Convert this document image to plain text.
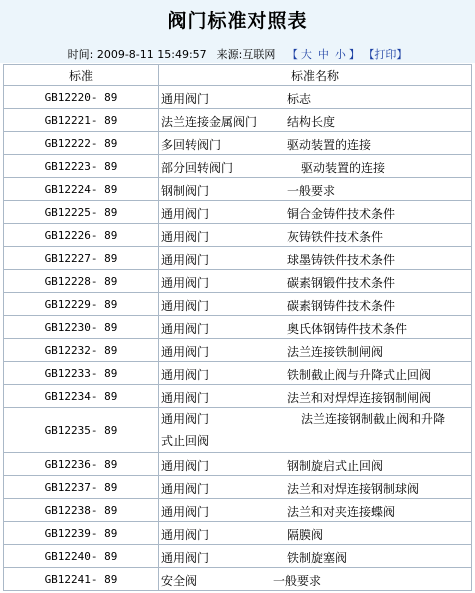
阀门标准对照表
时间: 2009-8-11 15:49:57 来源:互联网 【 大 中 小 】 【打印】
标准	标准名称
GB12220- 89	通用阀门 标志

GB12221- 89	法兰连接金属阀门 结构长度

GB12222- 89	多回转阀门 驱动装置的连接

GB12223- 89	部分回转阀门 驱动装置的连接

GB12224- 89	钢制阀门 一般要求

GB12225- 89	通用阀门 铜合金铸件技术条件

GB12226- 89	通用阀门 灰铸铁件技术条件

GB12227- 89	通用阀门 球墨铸铁件技术条件

GB12228- 89	通用阀门 碳素钢锻件技术条件

GB12229- 89	通用阀门 碳素钢铸件技术条件

GB12230- 89	通用阀门 奥氏体钢铸件技术条件

GB12232- 89	通用阀门 法兰连接铁制闸阀

GB12233- 89	通用阀门 铁制截止阀与升降式止回阀

GB12234- 89	通用阀门 法兰和对焊焊连接钢制闸阀

GB12235- 89	通用阀门 法兰连接钢制截止阀和升降
式止回阀

GB12236- 89	通用阀门 钢制旋启式止回阀

GB12237- 89	通用阀门 法兰和对焊连接钢制球阀

GB12238- 89	通用阀门 法兰和对夹连接蝶阀

GB12239- 89	通用阀门 隔膜阀

GB12240- 89	通用阀门 铁制旋塞阀

GB12241- 89	安全阀 一般要求
